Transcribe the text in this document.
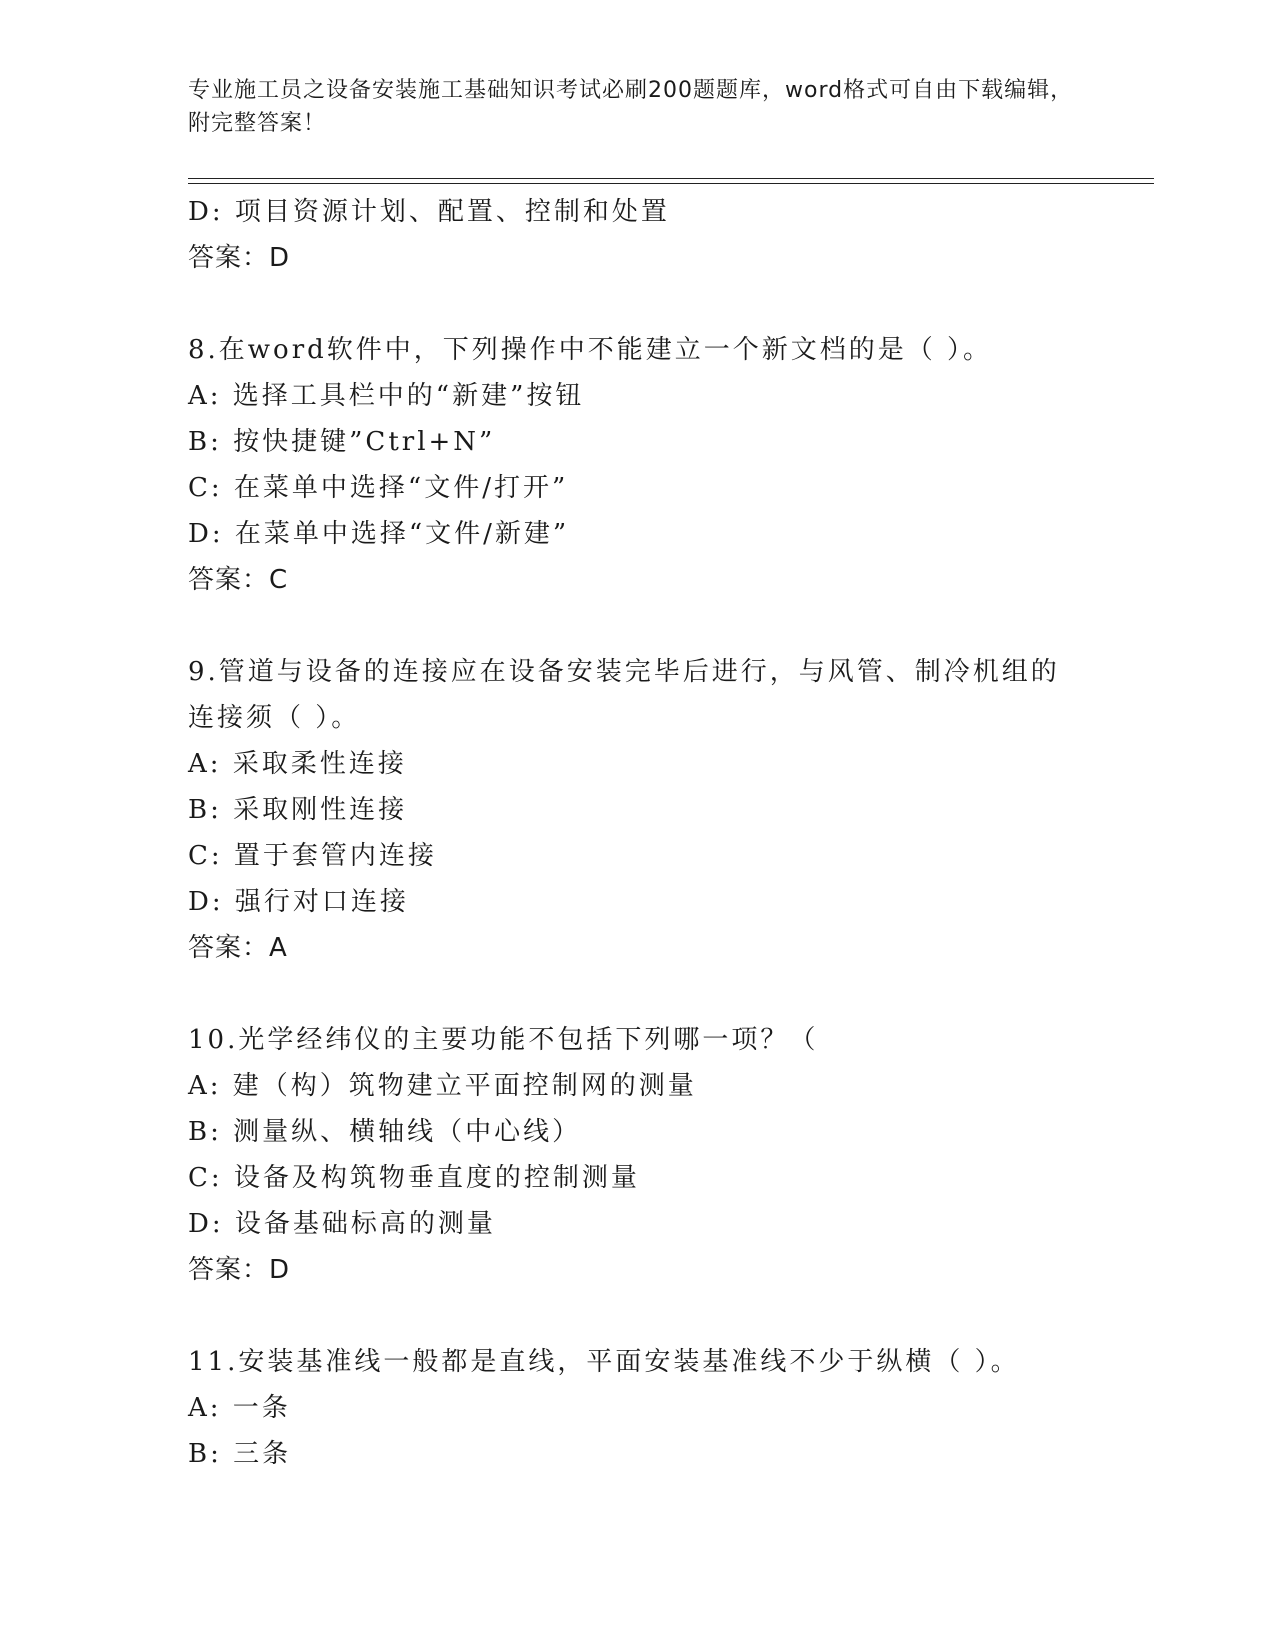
专业施工员之设备安装施工基础知识考试必刷200题题库，word格式可自由下载编辑，附完整答案！
D: 项目资源计划、配置、控制和处置
答案：D
8.在word软件中，下列操作中不能建立一个新文档的是（ ）。
A: 选择工具栏中的“新建”按钮
B: 按快捷键”Ctrl+N”
C: 在菜单中选择“文件/打开”
D: 在菜单中选择“文件/新建”
答案：C
9.管道与设备的连接应在设备安装完毕后进行，与风管、制冷机组的
连接须（ ）。
A: 采取柔性连接
B: 采取刚性连接
C: 置于套管内连接
D: 强行对口连接
答案：A
10.光学经纬仪的主要功能不包括下列哪一项？（
A: 建（构）筑物建立平面控制网的测量
B: 测量纵、横轴线（中心线）
C: 设备及构筑物垂直度的控制测量
D: 设备基础标高的测量
答案：D
11.安装基准线一般都是直线，平面安装基准线不少于纵横（ ）。
A: 一条
B: 三条
